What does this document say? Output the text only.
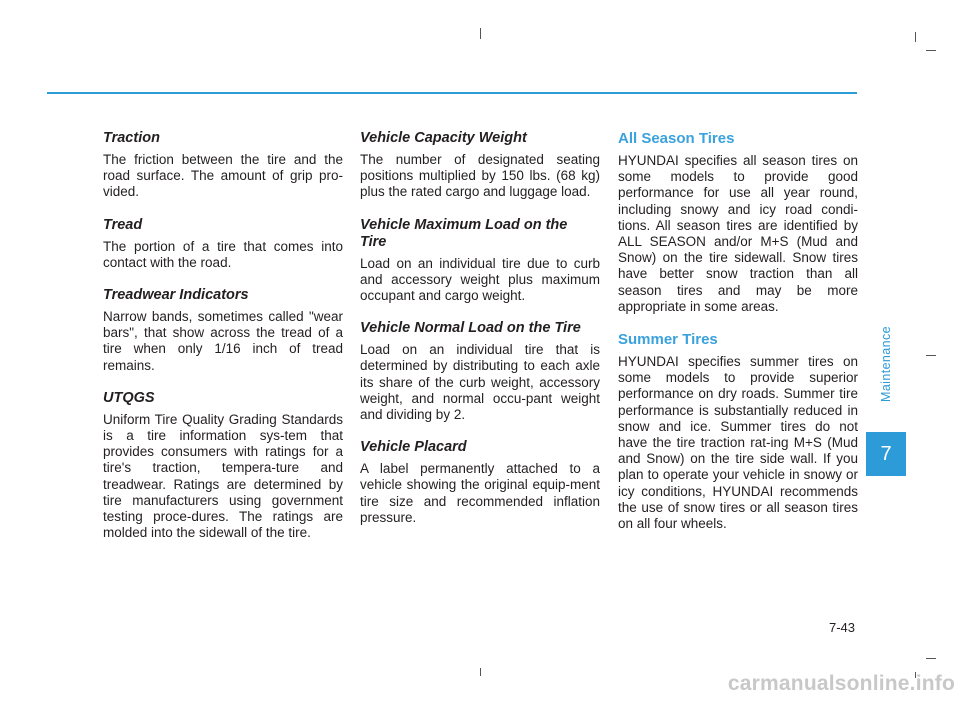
Traction

The friction between the tire and the road surface. The amount of grip pro-vided.

Tread

The portion of a tire that comes into contact with the road.

Treadwear Indicators

Narrow bands, sometimes called "wear bars", that show across the tread of a tire when only 1/16 inch of tread remains.

UTQGS

Uniform Tire Quality Grading Standards is a tire information sys-tem that provides consumers with ratings for a tire's traction, tempera-ture and treadwear. Ratings are determined by tire manufacturers using government testing proce-dures. The ratings are molded into the sidewall of the tire.

Vehicle Capacity Weight

The number of designated seating positions multiplied by 150 lbs. (68 kg) plus the rated cargo and luggage load.

Vehicle Maximum Load on the Tire

Load on an individual tire due to curb and accessory weight plus maximum occupant and cargo weight.

Vehicle Normal Load on the Tire

Load on an individual tire that is determined by distributing to each axle its share of the curb weight, accessory weight, and normal occu-pant weight and dividing by 2.

Vehicle Placard

A label permanently attached to a vehicle showing the original equip-ment tire size and recommended inflation pressure.

All Season Tires

HYUNDAI specifies all season tires on some models to provide good performance for use all year round, including snowy and icy road condi-tions. All season tires are identified by ALL SEASON and/or M+S (Mud and Snow) on the tire sidewall. Snow tires have better snow traction than all season tires and may be more appropriate in some areas.

Summer Tires

HYUNDAI specifies summer tires on some models to provide superior performance on dry roads. Summer tire performance is substantially reduced in snow and ice. Summer tires do not have the tire traction rat-ing M+S (Mud and Snow) on the tire side wall. If you plan to operate your vehicle in snowy or icy conditions, HYUNDAI recommends the use of snow tires or all season tires on all four wheels.

Maintenance
7
7-43
carmanualsonline.info
